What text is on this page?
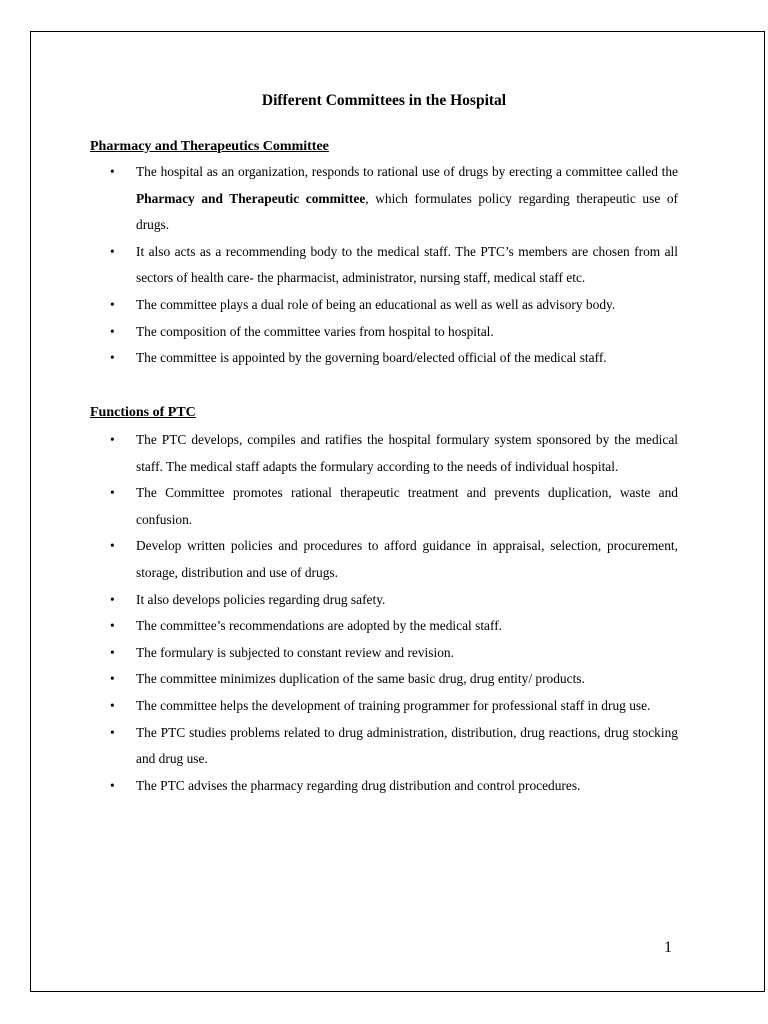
Different Committees in the Hospital
Pharmacy and Therapeutics Committee
• The hospital as an organization, responds to rational use of drugs by erecting a committee called the Pharmacy and Therapeutic committee, which formulates policy regarding therapeutic use of drugs.
• It also acts as a recommending body to the medical staff. The PTC’s members are chosen from all sectors of health care- the pharmacist, administrator, nursing staff, medical staff etc.
• The committee plays a dual role of being an educational as well as well as advisory body.
• The composition of the committee varies from hospital to hospital.
• The committee is appointed by the governing board/elected official of the medical staff.
Functions of PTC
• The PTC develops, compiles and ratifies the hospital formulary system sponsored by the medical staff. The medical staff adapts the formulary according to the needs of individual hospital.
• The Committee promotes rational therapeutic treatment and prevents duplication, waste and confusion.
• Develop written policies and procedures to afford guidance in appraisal, selection, procurement, storage, distribution and use of drugs.
• It also develops policies regarding drug safety.
• The committee’s recommendations are adopted by the medical staff.
• The formulary is subjected to constant review and revision.
• The committee minimizes duplication of the same basic drug, drug entity/ products.
• The committee helps the development of training programmer for professional staff in drug use.
• The PTC studies problems related to drug administration, distribution, drug reactions, drug stocking and drug use.
• The PTC advises the pharmacy regarding drug distribution and control procedures.
1
